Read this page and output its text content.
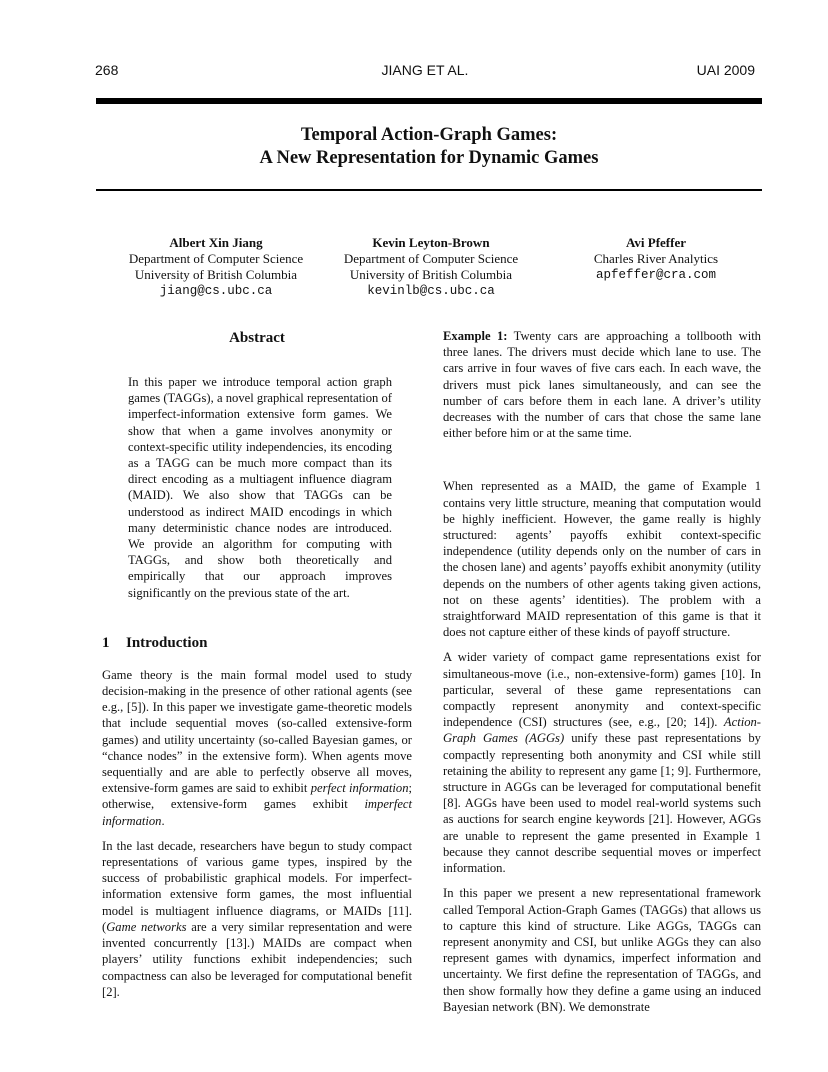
268	JIANG ET AL.	UAI 2009
Temporal Action-Graph Games:
A New Representation for Dynamic Games
Albert Xin Jiang
Department of Computer Science
University of British Columbia
jiang@cs.ubc.ca
Kevin Leyton-Brown
Department of Computer Science
University of British Columbia
kevinlb@cs.ubc.ca
Avi Pfeffer
Charles River Analytics
apfeffer@cra.com
Abstract

In this paper we introduce temporal action graph games (TAGGs), a novel graphical representation of imperfect-information extensive form games. We show that when a game involves anonymity or context-specific utility independencies, its encoding as a TAGG can be much more compact than its direct encoding as a multiagent influence diagram (MAID). We also show that TAGGs can be understood as indirect MAID encodings in which many deterministic chance nodes are introduced. We provide an algorithm for computing with TAGGs, and show both theoretically and empirically that our approach improves significantly on the previous state of the art.

1 Introduction

Game theory is the main formal model used to study decision-making in the presence of other rational agents (see e.g., [5]). In this paper we investigate game-theoretic models that include sequential moves (so-called extensive-form games) and utility uncertainty (so-called Bayesian games, or “chance nodes” in the extensive form). When agents move sequentially and are able to perfectly observe all moves, extensive-form games are said to exhibit perfect information; otherwise, extensive-form games exhibit imperfect information.

In the last decade, researchers have begun to study compact representations of various game types, inspired by the success of probabilistic graphical models. For imperfect-information extensive form games, the most influential model is multiagent influence diagrams, or MAIDs [11]. (Game networks are a very similar representation and were invented concurrently [13].) MAIDs are compact when players’ utility functions exhibit independencies; such compactness can also be leveraged for computational benefit [2].

Example 1: Twenty cars are approaching a tollbooth with three lanes. The drivers must decide which lane to use. The cars arrive in four waves of five cars each. In each wave, the drivers must pick lanes simultaneously, and can see the number of cars before them in each lane. A driver’s utility decreases with the number of cars that chose the same lane either before him or at the same time.

When represented as a MAID, the game of Example 1 contains very little structure, meaning that computation would be highly inefficient. However, the game really is highly structured: agents’ payoffs exhibit context-specific independence (utility depends only on the number of cars in the chosen lane) and agents’ payoffs exhibit anonymity (utility depends on the numbers of other agents taking given actions, not on these agents’ identities). The problem with a straightforward MAID representation of this game is that it does not capture either of these kinds of payoff structure.

A wider variety of compact game representations exist for simultaneous-move (i.e., non-extensive-form) games [10]. In particular, several of these game representations can compactly represent anonymity and context-specific independence (CSI) structures (see, e.g., [20; 14]). Action-Graph Games (AGGs) unify these past representations by compactly representing both anonymity and CSI while still retaining the ability to represent any game [1; 9]. Furthermore, structure in AGGs can be leveraged for computational benefit [8]. AGGs have been used to model real-world systems such as auctions for search engine keywords [21]. However, AGGs are unable to represent the game presented in Example 1 because they cannot describe sequential moves or imperfect information.

In this paper we present a new representational framework called Temporal Action-Graph Games (TAGGs) that allows us to capture this kind of structure. Like AGGs, TAGGs can represent anonymity and CSI, but unlike AGGs they can also represent games with dynamics, imperfect information and uncertainty. We first define the representation of TAGGs, and then show formally how they define a game using an induced Bayesian network (BN). We demonstrate
